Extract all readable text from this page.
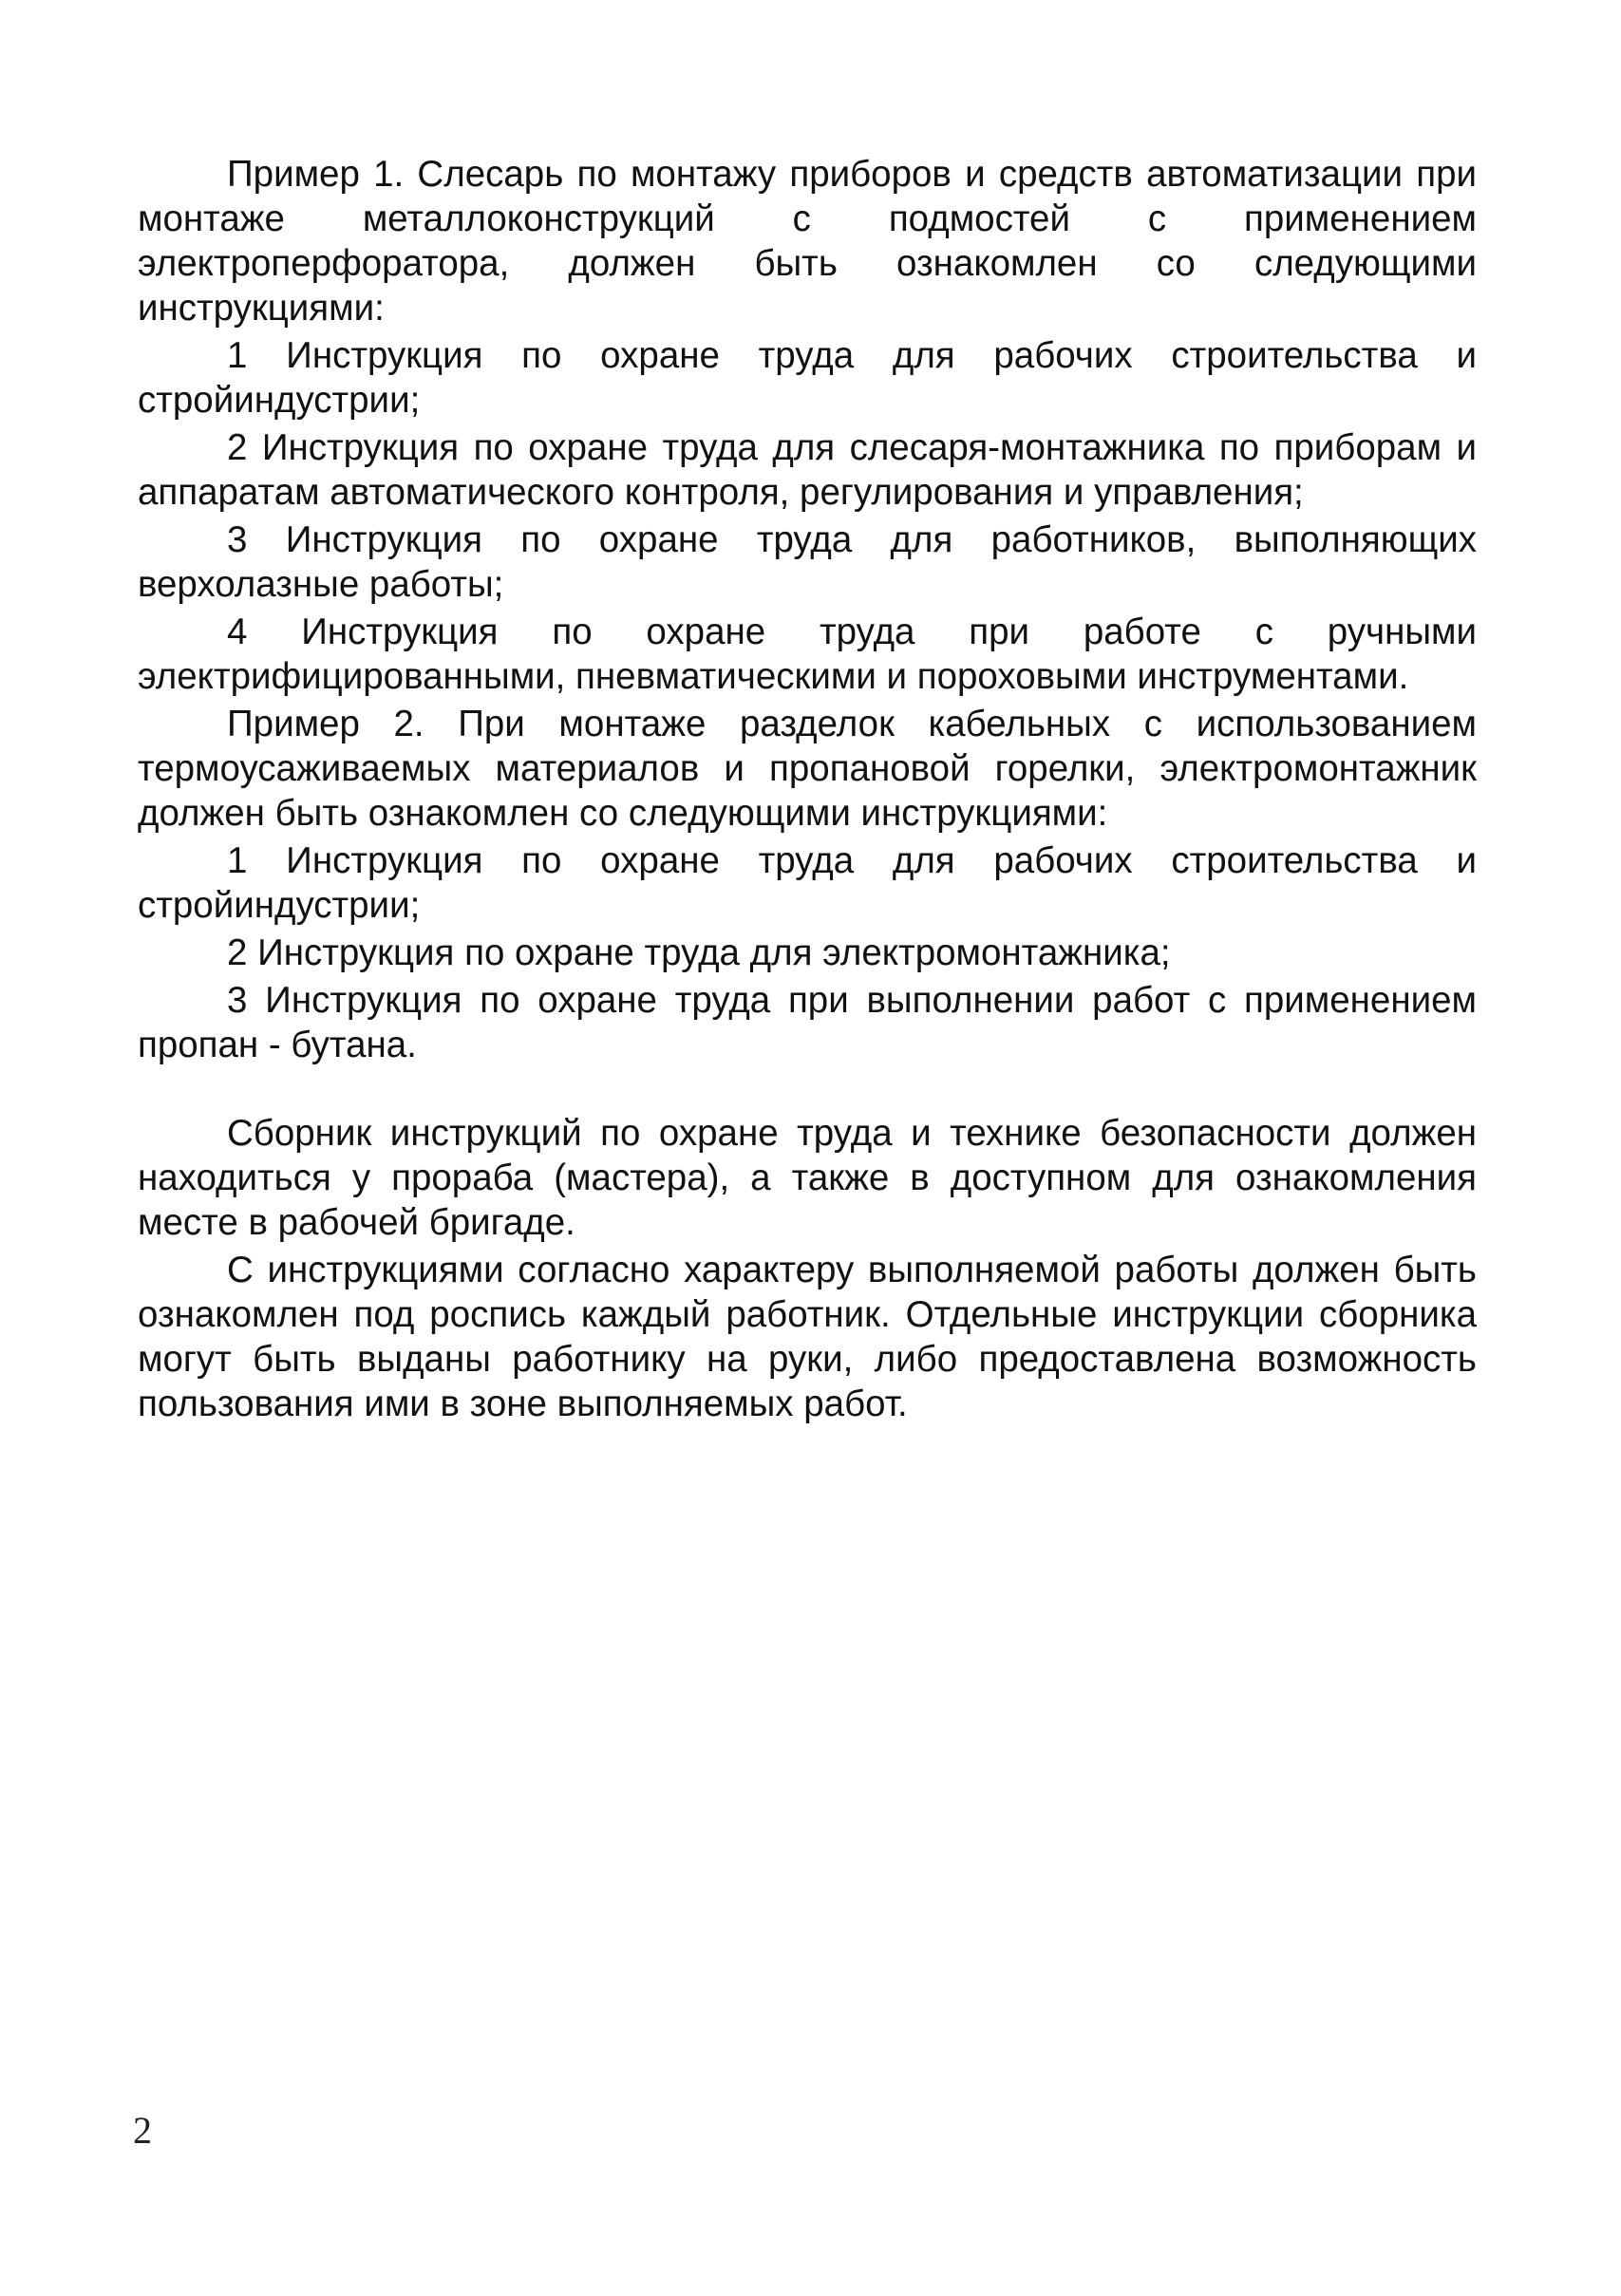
Пример 1. Слесарь по монтажу приборов и средств автоматизации при монтаже металлоконструкций с подмостей с применением электроперфоратора, должен быть ознакомлен со следующими инструкциями:

1 Инструкция по охране труда для рабочих строительства и стройиндустрии;

2 Инструкция по охране труда для слесаря-монтажника по приборам и аппаратам автоматического контроля, регулирования и управления;

3 Инструкция по охране труда для работников, выполняющих верхолазные работы;

4 Инструкция по охране труда при работе с ручными электрифицированными, пневматическими и пороховыми инструментами.

Пример 2. При монтаже разделок кабельных с использованием термоусаживаемых материалов и пропановой горелки, электромонтажник должен быть ознакомлен со следующими инструкциями:

1 Инструкция по охране труда для рабочих строительства и стройиндустрии;

2 Инструкция по охране труда для электромонтажника;

3 Инструкция по охране труда при выполнении работ с применением пропан - бутана.

Сборник инструкций по охране труда и технике безопасности должен находиться у прораба (мастера), а также в доступном для ознакомления месте в рабочей бригаде.

С инструкциями согласно характеру выполняемой работы должен быть ознакомлен под роспись каждый работник. Отдельные инструкции сборника могут быть выданы работнику на руки, либо предоставлена возможность пользования ими в зоне выполняемых работ.

2
